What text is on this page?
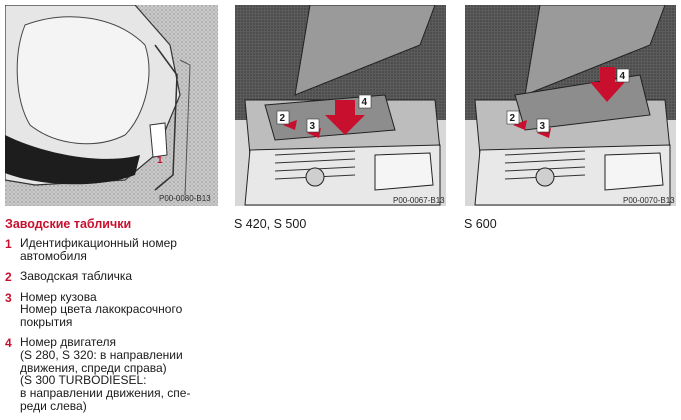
1
P00-0080-B13
2
3
4
P00-0067-B13
2
3
4
P00-0070-B13
S 420, S 500	S 600
Заводские таблички
1 Идентификационный номер
автомобиля
2 Заводская табличка
3 Номер кузова
Номер цвета лакокрасочного
покрытия
4 Номер двигателя
(S 280, S 320: в направлении
движения, спреди справа)
(S 300 TURBODIESEL:
в направлении движения, спе-
реди слева)
